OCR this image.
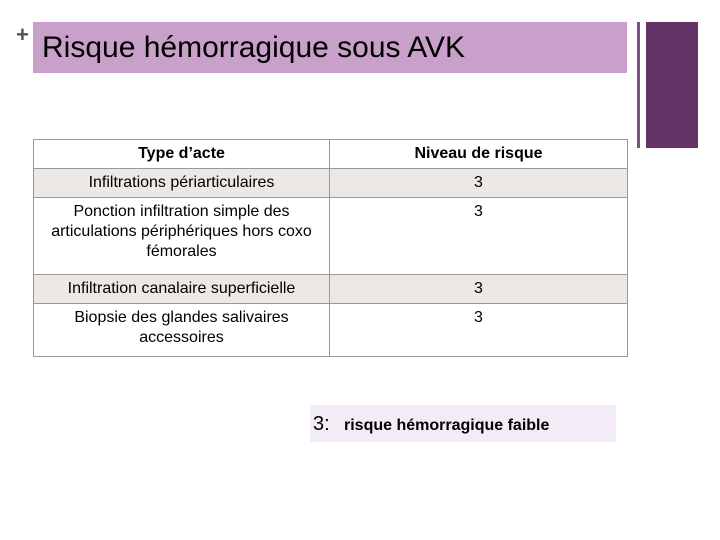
+ Risque hémorragique sous AVK
Type d’acte	Niveau de risque
Infiltrations périarticulaires	3
Ponction infiltration simple des articulations périphériques hors coxo fémorales	3
Infiltration canalaire superficielle	3
Biopsie des glandes salivaires accessoires	3
3: risque hémorragique faible
